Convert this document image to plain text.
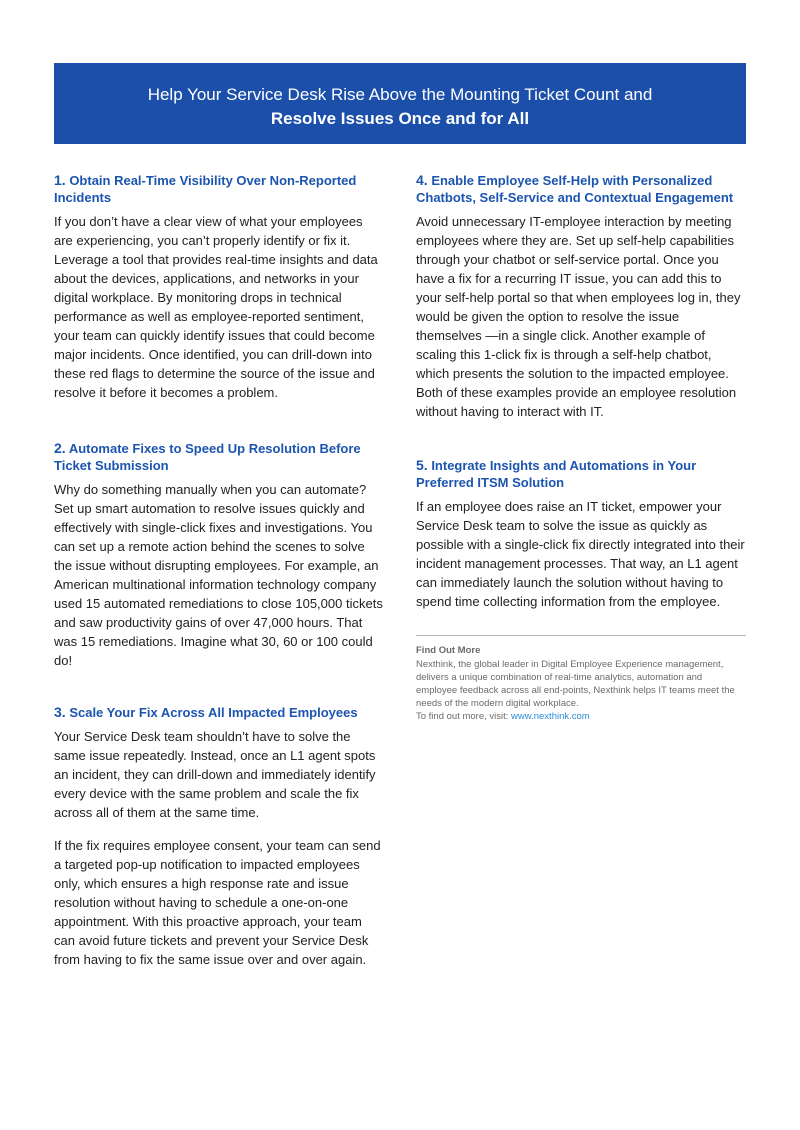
Help Your Service Desk Rise Above the Mounting Ticket Count and
Resolve Issues Once and for All
1. Obtain Real-Time Visibility Over Non-Reported Incidents

If you don’t have a clear view of what your employees are experiencing, you can’t properly identify or fix it. Leverage a tool that provides real-time insights and data about the devices, applications, and networks in your digital workplace. By monitoring drops in technical performance as well as employee-reported sentiment, your team can quickly identify issues that could become major incidents. Once identified, you can drill-down into these red flags to determine the source of the issue and resolve it before it becomes a problem.

2. Automate Fixes to Speed Up Resolution Before Ticket Submission

Why do something manually when you can automate? Set up smart automation to resolve issues quickly and effectively with single-click fixes and investigations. You can set up a remote action behind the scenes to solve the issue without disrupting employees. For example, an American multinational information technology company used 15 automated remediations to close 105,000 tickets and saw productivity gains of over 47,000 hours. That was 15 remediations. Imagine what 30, 60 or 100 could do!

3. Scale Your Fix Across All Impacted Employees

Your Service Desk team shouldn’t have to solve the same issue repeatedly. Instead, once an L1 agent spots an incident, they can drill-down and immediately identify every device with the same problem and scale the fix across all of them at the same time.

If the fix requires employee consent, your team can send a targeted pop-up notification to impacted employees only, which ensures a high response rate and issue resolution without having to schedule a one-on-one appointment. With this proactive approach, your team can avoid future tickets and prevent your Service Desk from having to fix the same issue over and over again.

4. Enable Employee Self-Help with Personalized Chatbots, Self-Service and Contextual Engagement

Avoid unnecessary IT-employee interaction by meeting employees where they are. Set up self-help capabilities through your chatbot or self-service portal. Once you have a fix for a recurring IT issue, you can add this to your self-help portal so that when employees log in, they would be given the option to resolve the issue themselves —in a single click. Another example of scaling this 1-click fix is through a self-help chatbot, which presents the solution to the impacted employee. Both of these examples provide an employee resolution without having to interact with IT.

5. Integrate Insights and Automations in Your Preferred ITSM Solution

If an employee does raise an IT ticket, empower your Service Desk team to solve the issue as quickly as possible with a single-click fix directly integrated into their incident management processes. That way, an L1 agent can immediately launch the solution without having to spend time collecting information from the employee.

Find Out More
Nexthink, the global leader in Digital Employee Experience management, delivers a unique combination of real-time analytics, automation and employee feedback across all end-points, Nexthink helps IT teams meet the needs of the modern digital workplace.
To find out more, visit: www.nexthink.com
